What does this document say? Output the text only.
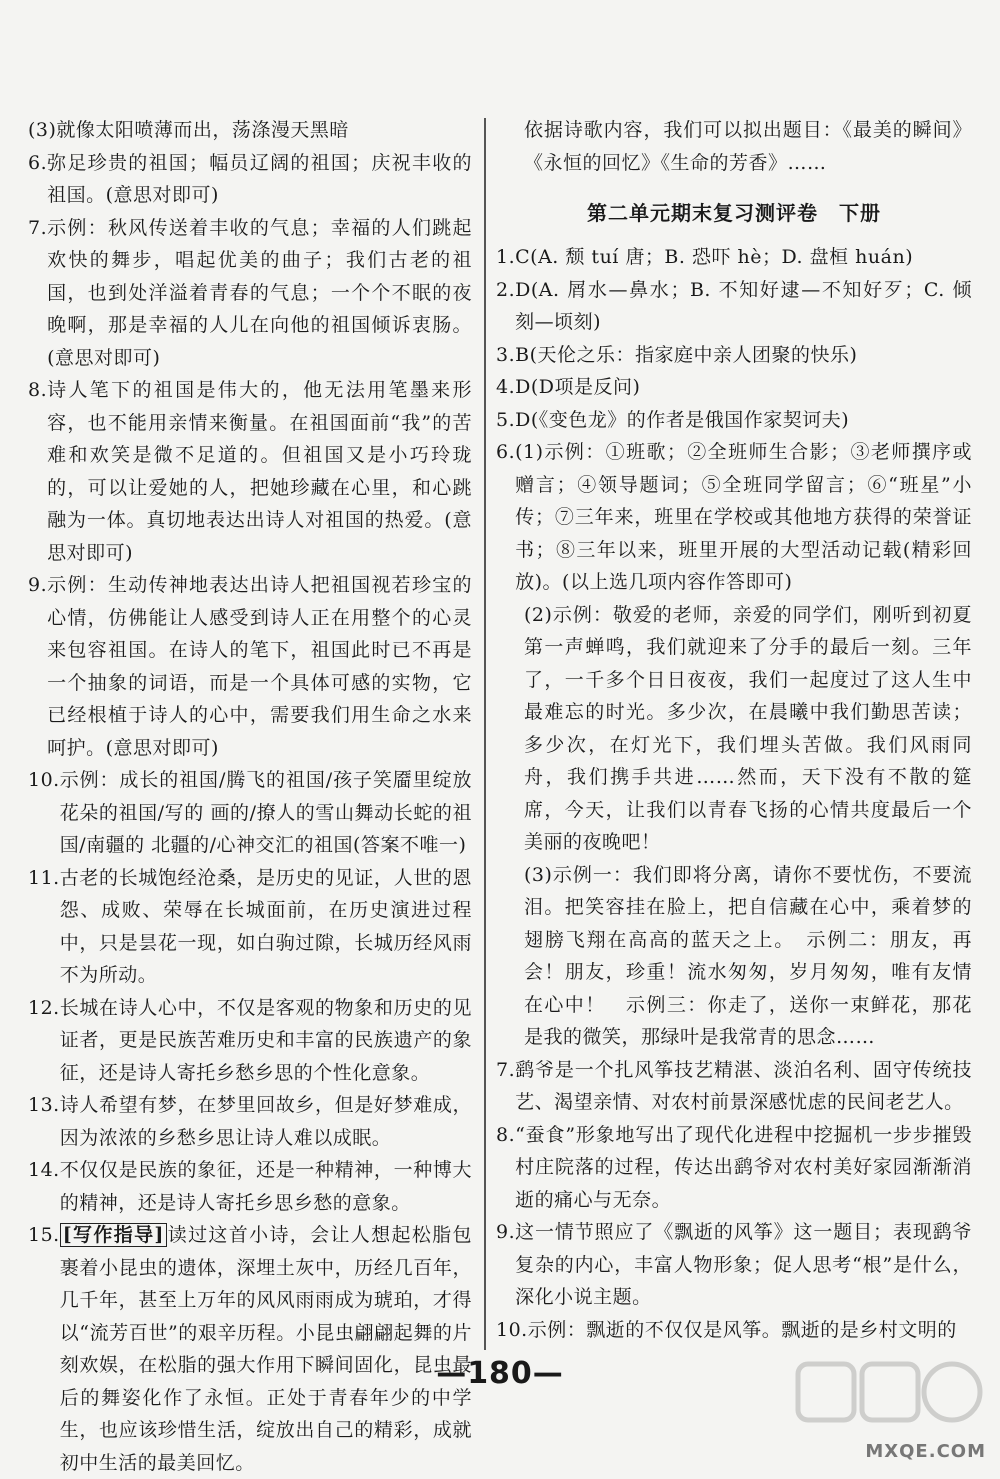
(3)就像太阳喷薄而出，荡涤漫天黑暗
6. 弥足珍贵的祖国；幅员辽阔的祖国；庆祝丰收的祖国。(意思对即可)
7. 示例：秋风传送着丰收的气息；幸福的人们跳起欢快的舞步，唱起优美的曲子；我们古老的祖国，也到处洋溢着青春的气息；一个个不眠的夜晚啊，那是幸福的人儿在向他的祖国倾诉衷肠。(意思对即可)
8. 诗人笔下的祖国是伟大的，他无法用笔墨来形容，也不能用亲情来衡量。在祖国面前“我”的苦难和欢笑是微不足道的。但祖国又是小巧玲珑的，可以让爱她的人，把她珍藏在心里，和心跳融为一体。真切地表达出诗人对祖国的热爱。(意思对即可)
9. 示例：生动传神地表达出诗人把祖国视若珍宝的心情，仿佛能让人感受到诗人正在用整个的心灵来包容祖国。在诗人的笔下，祖国此时已不再是一个抽象的词语，而是一个具体可感的实物，它已经根植于诗人的心中，需要我们用生命之水来呵护。(意思对即可)
10. 示例：成长的祖国/腾飞的祖国/孩子笑靥里绽放花朵的祖国/写的 画的/撩人的雪山舞动长蛇的祖国/南疆的 北疆的/心神交汇的祖国(答案不唯一)
11. 古老的长城饱经沧桑，是历史的见证，人世的恩怨、成败、荣辱在长城面前，在历史演进过程中，只是昙花一现，如白驹过隙，长城历经风雨不为所动。
12. 长城在诗人心中，不仅是客观的物象和历史的见证者，更是民族苦难历史和丰富的民族遗产的象征，还是诗人寄托乡愁乡思的个性化意象。
13. 诗人希望有梦，在梦里回故乡，但是好梦难成，因为浓浓的乡愁乡思让诗人难以成眠。
14. 不仅仅是民族的象征，还是一种精神，一种博大的精神，还是诗人寄托乡思乡愁的意象。
15. [写作指导] 读过这首小诗，会让人想起松脂包裹着小昆虫的遗体，深埋土灰中，历经几百年，几千年，甚至上万年的风风雨雨成为琥珀，才得以“流芳百世”的艰辛历程。小昆虫翩翩起舞的片刻欢娱，在松脂的强大作用下瞬间固化，昆虫最后的舞姿化作了永恒。正处于青春年少的中学生，也应该珍惜生活，绽放出自己的精彩，成就初中生活的最美回忆。

依据诗歌内容，我们可以拟出题目：《最美的瞬间》《永恒的回忆》《生命的芳香》……

第二单元期末复习测评卷　下册
1. C(A. 颓 tuí 唐；B. 恐吓 hè；D. 盘桓 huán)
2. D(A. 屑水—鼻水；B. 不知好逮—不知好歹；C. 倾刻—顷刻)
3. B(天伦之乐：指家庭中亲人团聚的快乐)
4. D(D项是反问)
5. D(《变色龙》的作者是俄国作家契诃夫)
6. (1)示例：①班歌；②全班师生合影；③老师撰序或赠言；④领导题词；⑤全班同学留言；⑥“班星”小传；⑦三年来，班里在学校或其他地方获得的荣誉证书；⑧三年以来，班里开展的大型活动记载(精彩回放)。(以上选几项内容作答即可)
(2)示例：敬爱的老师，亲爱的同学们，刚听到初夏第一声蝉鸣，我们就迎来了分手的最后一刻。三年了，一千多个日日夜夜，我们一起度过了这人生中最难忘的时光。多少次，在晨曦中我们勤思苦读；多少次，在灯光下，我们埋头苦做。我们风雨同舟，我们携手共进……然而，天下没有不散的筵席，今天，让我们以青春飞扬的心情共度最后一个美丽的夜晚吧！
(3)示例一：我们即将分离，请你不要忧伤，不要流泪。把笑容挂在脸上，把自信藏在心中，乘着梦的翅膀飞翔在高高的蓝天之上。　示例二：朋友，再会！朋友，珍重！流水匆匆，岁月匆匆，唯有友情在心中！　示例三：你走了，送你一束鲜花，那花是我的微笑，那绿叶是我常青的思念……
7. 鹞爷是一个扎风筝技艺精湛、淡泊名利、固守传统技艺、渴望亲情、对农村前景深感忧虑的民间老艺人。
8. “蚕食”形象地写出了现代化进程中挖掘机一步步摧毁村庄院落的过程，传达出鹞爷对农村美好家园渐渐消逝的痛心与无奈。
9. 这一情节照应了《飘逝的风筝》这一题目；表现鹞爷复杂的内心，丰富人物形象；促人思考“根”是什么，深化小说主题。
10. 示例：飘逝的不仅仅是风筝。飘逝的是乡村文明的
—180—
MXQE.COM
